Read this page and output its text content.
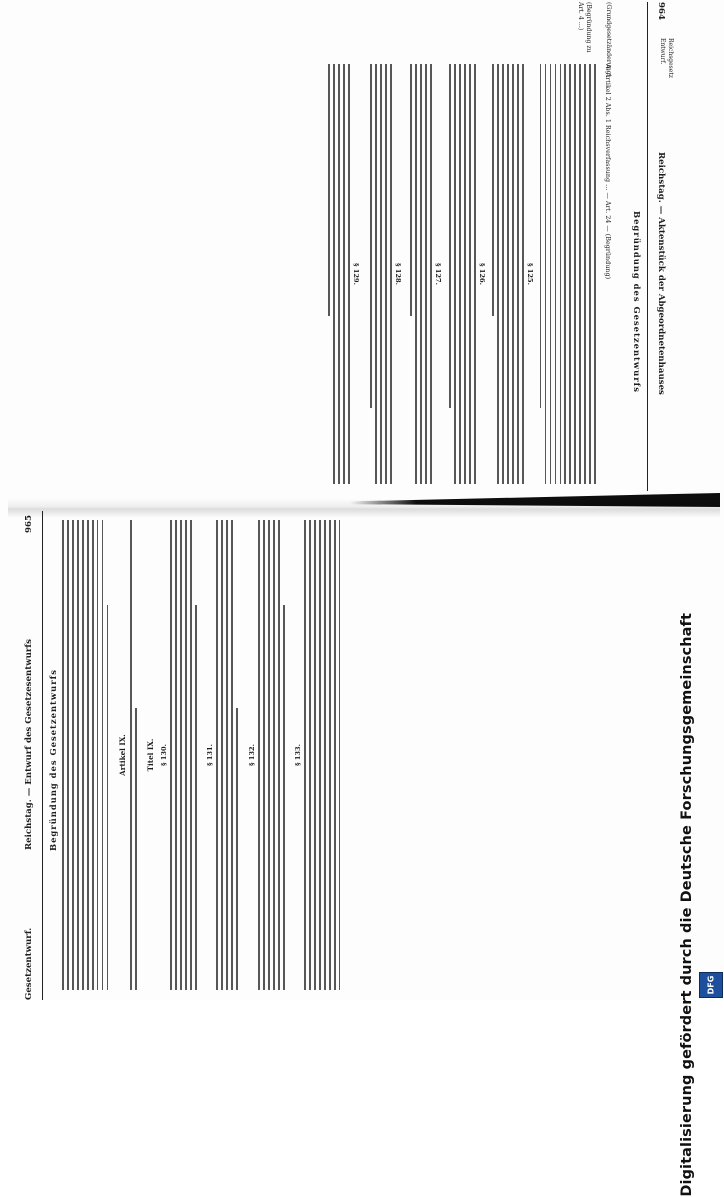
964
Reichstag. — Aktenstück der Abgeordnetenhauses
Reichsgesetz Entwurf.
Begründung des Gesetzentwurfs
(Grundgesetzänderung)
(Begründung zu Art. 4 …)
A. Artikel 2 Abs. 1 Reichsverfassung … — Art. 24 — (Begründung)
§ 125.
§ 126.
§ 127.
§ 128.
§ 129.
Gesetzentwurf.
Reichstag. — Entwurf des Gesetzesentwurfs
965
Begründung des Gesetzentwurfs	Artikel IX.	Titel IX. § 130.	§ 131.	§ 132.	§ 133.	Digitalisierung gefördert durch die Deutsche Forschungsgemeinschaft DFG
